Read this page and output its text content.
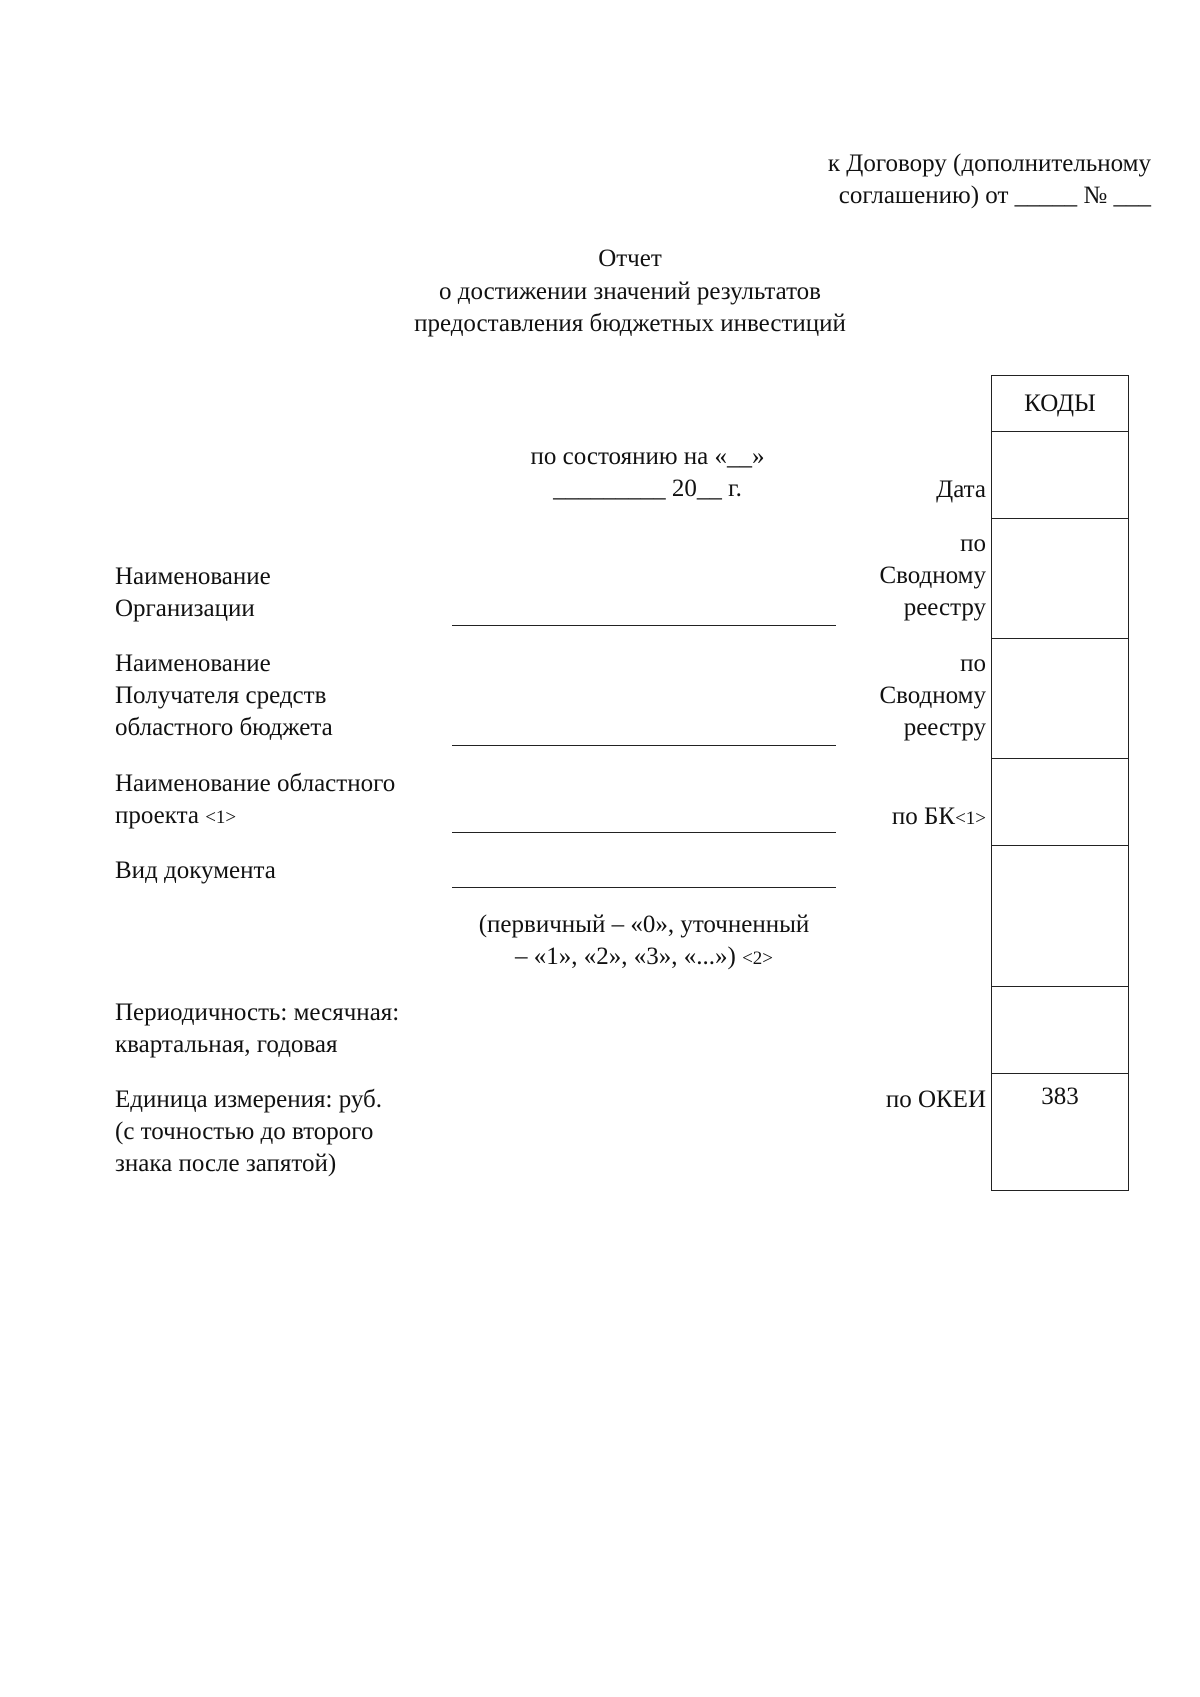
к Договору (дополнительному
соглашению) от _____ № ___
Отчет
о достижении значений результатов
предоставления бюджетных инвестиций
КОДЫ
383
по состоянию на «__»
_________ 20__ г.	Дата
Наименование
Организации
по
Сводному
реестру
Наименование
Получателя средств
областного бюджета
по
Сводному
реестру
Наименование областного
проекта <1>	по БК<1>
Вид документа
(первичный – «0», уточненный
– «1», «2», «3», «...») <2>
Периодичность: месячная:
квартальная, годовая
Единица измерения: руб.
(с точностью до второго
знака после запятой)
по ОКЕИ
